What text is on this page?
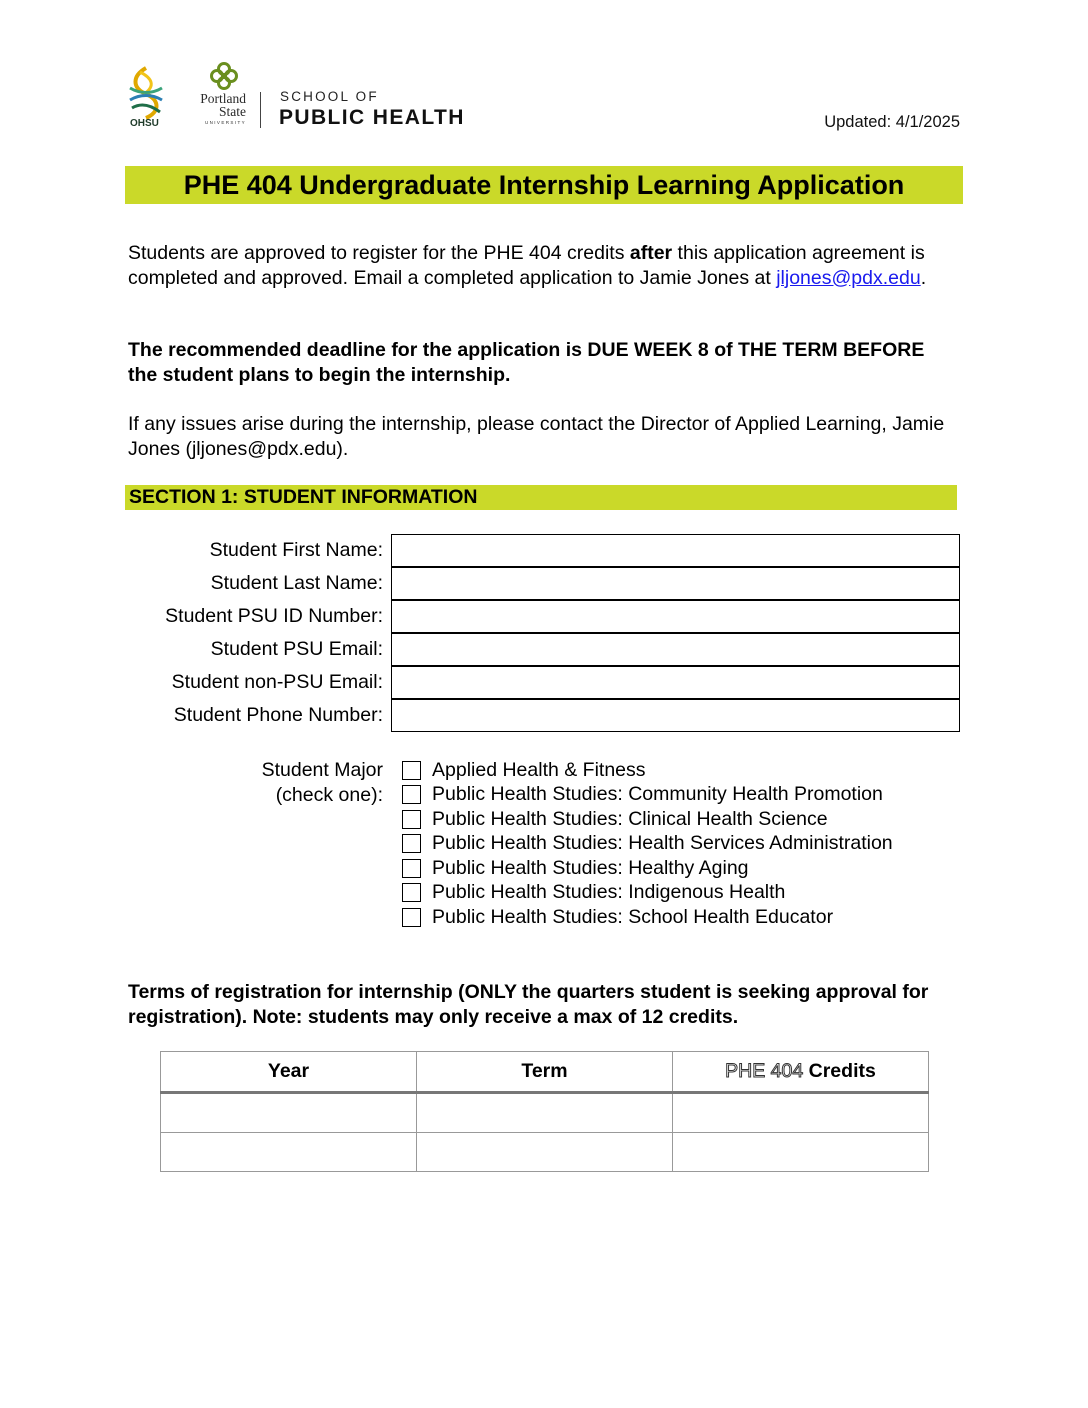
OHSU
Portland
State
UNIVERSITY
SCHOOL OF
PUBLIC HEALTH	Updated: 4/1/2025
PHE 404 Undergraduate Internship Learning Application
Students are approved to register for the PHE 404 credits after this application agreement is completed and approved. Email a completed application to Jamie Jones at jljones@pdx.edu.
The recommended deadline for the application is DUE WEEK 8 of THE TERM BEFORE the student plans to begin the internship.
If any issues arise during the internship, please contact the Director of Applied Learning, Jamie Jones (jljones@pdx.edu).
SECTION 1: STUDENT INFORMATION
Student First Name:
Student Last Name:
Student PSU ID Number:
Student PSU Email:
Student non-PSU Email:
Student Phone Number:
Student Major
(check one):
Applied Health & Fitness
Public Health Studies: Community Health Promotion
Public Health Studies: Clinical Health Science
Public Health Studies: Health Services Administration
Public Health Studies: Healthy Aging
Public Health Studies: Indigenous Health
Public Health Studies: School Health Educator
Terms of registration for internship (ONLY the quarters student is seeking approval for registration). Note: students may only receive a max of 12 credits.
Year	Term	PHE 404 Credits
